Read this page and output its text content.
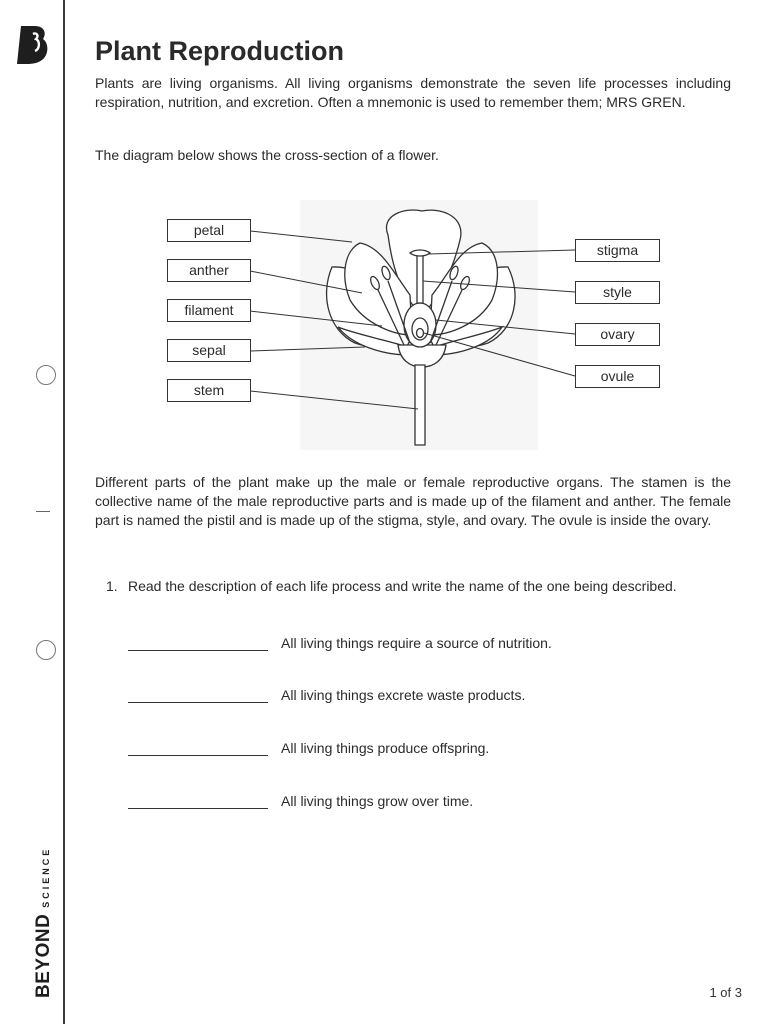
BEYONDSCIENCE
Plant Reproduction

Plants are living organisms. All living organisms demonstrate the seven life processes including respiration, nutrition, and excretion. Often a mnemonic is used to remember them; MRS GREN.

The diagram below shows the cross-section of a flower.

petal
anther
filament
sepal
stem
stigma
style
ovary
ovule

Different parts of the plant make up the male or female reproductive organs. The stamen is the collective name of the male reproductive parts and is made up of the filament and anther. The female part is named the pistil and is made up of the stigma, style, and ovary. The ovule is inside the ovary.

1. Read the description of each life process and write the name of the one being described.
All living things require a source of nutrition.
All living things excrete waste products.
All living things produce offspring.
All living things grow over time.
1 of 3
